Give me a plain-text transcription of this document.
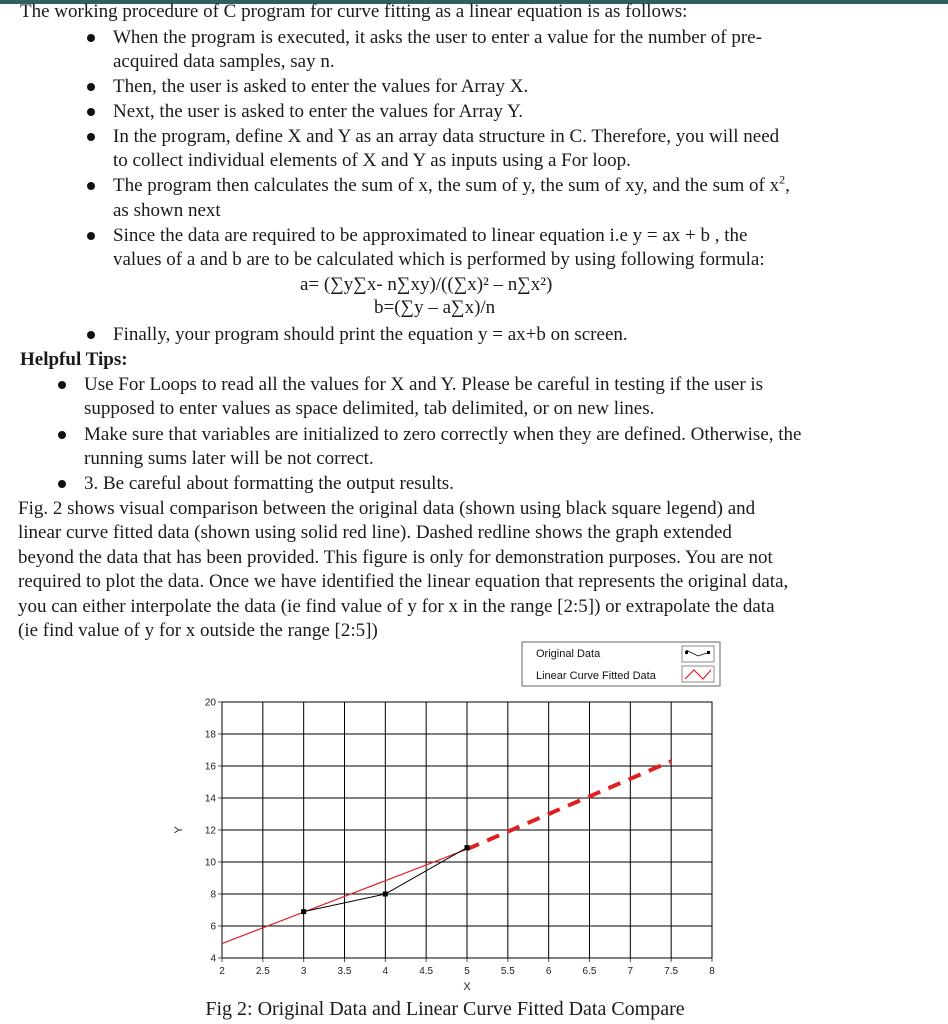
The working procedure of C program for curve fitting as a linear equation is as follows:
When the program is executed, it asks the user to enter a value for the number of pre-
acquired data samples, say n.
Then, the user is asked to enter the values for Array X.
Next, the user is asked to enter the values for Array Y.
In the program, define X and Y as an array data structure in C. Therefore, you will need
to collect individual elements of X and Y as inputs using a For loop.
The program then calculates the sum of x, the sum of y, the sum of xy, and the sum of $x^2$,
as shown next
Since the data are required to be approximated to linear equation i.e y = ax + b , the
values of a and b are to be calculated which is performed by using following formula:
a= (∑y∑x- n∑xy)/((∑x)² – n∑x²)
b=(∑y – a∑x)/n
Finally, your program should print the equation y = ax+b on screen.
Helpful Tips:
Use For Loops to read all the values for X and Y. Please be careful in testing if the user is
supposed to enter values as space delimited, tab delimited, or on new lines.
Make sure that variables are initialized to zero correctly when they are defined. Otherwise, the
running sums later will be not correct.
3. Be careful about formatting the output results.
Fig. 2 shows visual comparison between the original data (shown using black square legend) and
linear curve fitted data (shown using solid red line). Dashed redline shows the graph extended
beyond the data that has been provided. This figure is only for demonstration purposes. You are not
required to plot the data. Once we have identified the linear equation that represents the original data,
you can either interpolate the data (ie find value of y for x in the range [2:5]) or extrapolate the data
(ie find value of y for x outside the range [2:5])
2	2.5	3	3.5	4	4.5	5	5.5	6	6.5	7	7.5	8
4
6
8
10
12
14
16
18
20
X
Y
Original Data
Linear Curve Fitted Data
Fig 2: Original Data and Linear Curve Fitted Data Compare
